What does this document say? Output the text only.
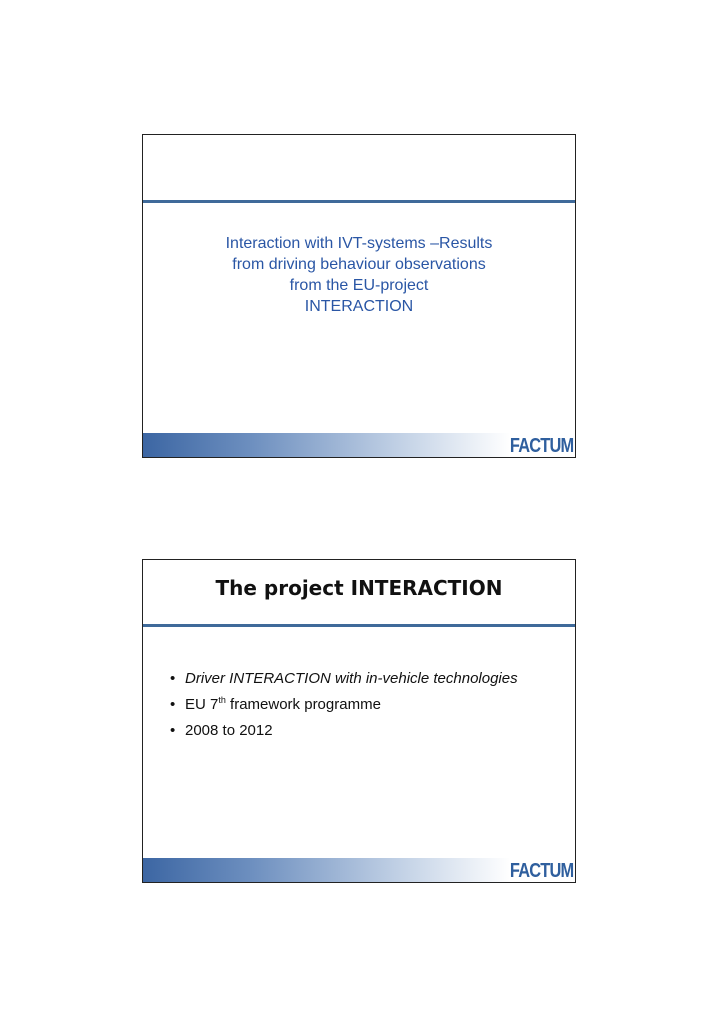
Interaction with IVT-systems –Results
from driving behaviour observations
from the EU-project
INTERACTION
FACTUM
The project INTERACTION
• Driver INTERACTION with in-vehicle technologies
• EU 7th framework programme
• 2008 to 2012
FACTUM
